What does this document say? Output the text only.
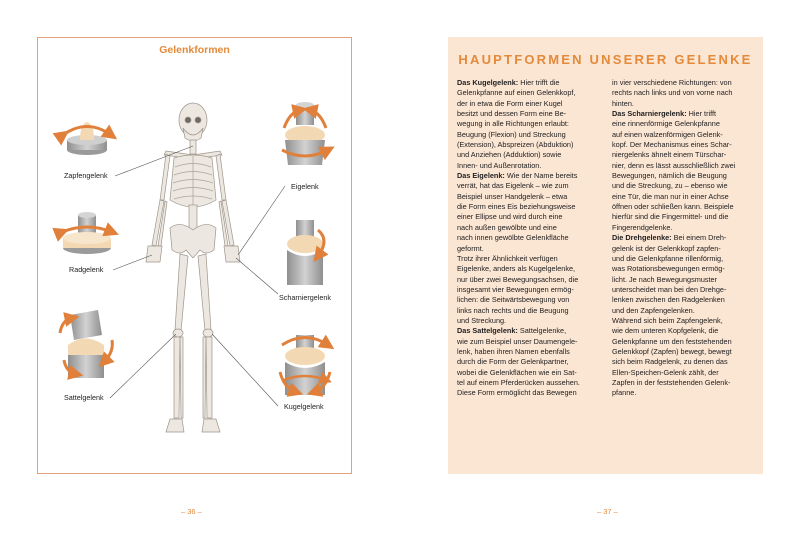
Gelenkformen
Zapfengelenk
Radgelenk
Sattelgelenk
Eigelenk
Scharniergelenk
Kugelgelenk
– 36 –
HAUPTFORMEN UNSERER GELENKE

Das Kugelgelenk: Hier trifft die

Gelenkpfanne auf einen Gelenkkopf,

der in etwa die Form einer Kugel

besitzt und dessen Form eine Be-

wegung in alle Richtungen erlaubt:

Beugung (Flexion) und Streckung

(Extension), Abspreizen (Abduktion)

und Anziehen (Adduktion) sowie

Innen- und Außenrotation.

Das Eigelenk: Wie der Name bereits

verrät, hat das Eigelenk – wie zum

Beispiel unser Handgelenk – etwa

die Form eines Eis beziehungsweise

einer Ellipse und wird durch eine

nach außen gewölbte und eine

nach innen gewölbte Gelenkfläche

geformt.

Trotz ihrer Ähnlichkeit verfügen

Eigelenke, anders als Kugelgelenke,

nur über zwei Bewegungsachsen, die

insgesamt vier Bewegungen ermög-

lichen: die Seitwärtsbewegung von

links nach rechts und die Beugung

und Streckung.

Das Sattelgelenk: Sattelgelenke,

wie zum Beispiel unser Daumengele-

lenk, haben ihren Namen ebenfalls

durch die Form der Gelenkpartner,

wobei die Gelenkflächen wie ein Sat-

tel auf einem Pferderücken aussehen.

Diese Form ermöglicht das Bewegen

in vier verschiedene Richtungen: von

rechts nach links und von vorne nach

hinten.

Das Scharniergelenk: Hier trifft

eine rinnenförmige Gelenkpfanne

auf einen walzenförmigen Gelenk-

kopf. Der Mechanismus eines Schar-

niergelenks ähnelt einem Türschar-

nier, denn es lässt ausschließlich zwei

Bewegungen, nämlich die Beugung

und die Streckung, zu – ebenso wie

eine Tür, die man nur in einer Achse

öffnen oder schließen kann. Beispiele

hierfür sind die Fingermittel- und die

Fingerendgelenke.

Die Drehgelenke: Bei einem Dreh-

gelenk ist der Gelenkkopf zapfen-

und die Gelenkpfanne rillenförmig,

was Rotationsbewegungen ermög-

licht. Je nach Bewegungsmuster

unterscheidet man bei den Drehge-

lenken zwischen den Radgelenken

und den Zapfengelenken.

Während sich beim Zapfengelenk,

wie dem unteren Kopfgelenk, die

Gelenkpfanne um den feststehenden

Gelenkkopf (Zapfen) bewegt, bewegt

sich beim Radgelenk, zu denen das

Ellen-Speichen-Gelenk zählt, der

Zapfen in der feststehenden Gelenk-

pfanne.

– 37 –
